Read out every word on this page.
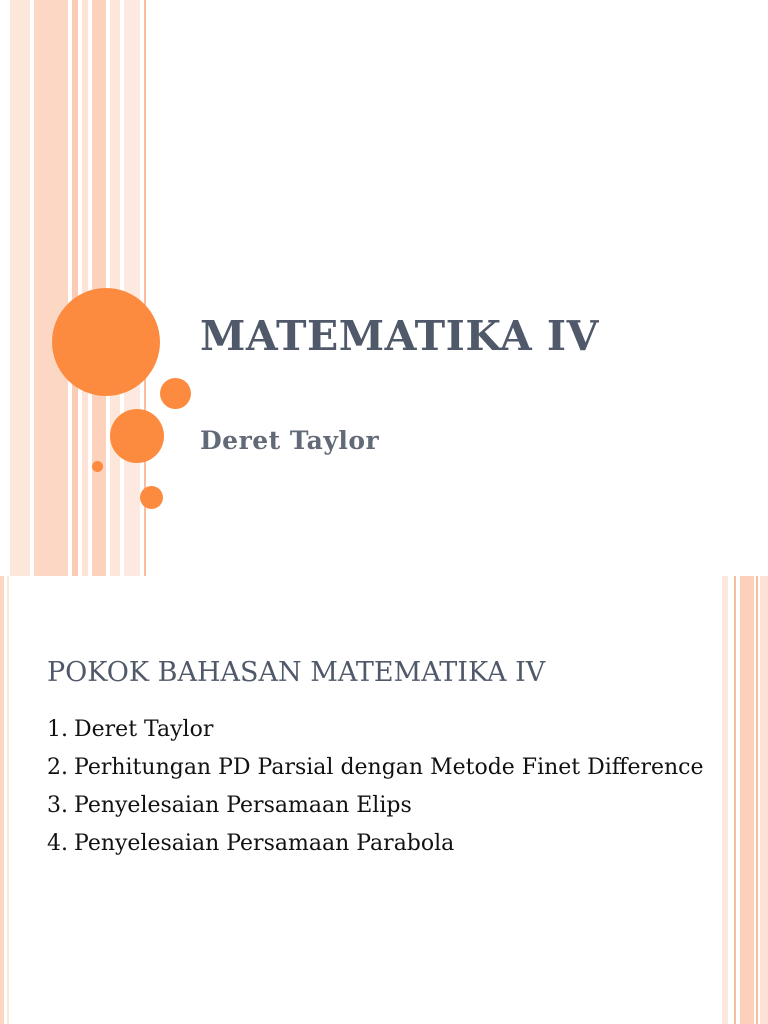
MATEMATIKA IV
Deret Taylor
POKOK BAHASAN MATEMATIKA IV
1. Deret Taylor
2. Perhitungan PD Parsial dengan Metode Finet Difference
3. Penyelesaian Persamaan Elips
4. Penyelesaian Persamaan Parabola
